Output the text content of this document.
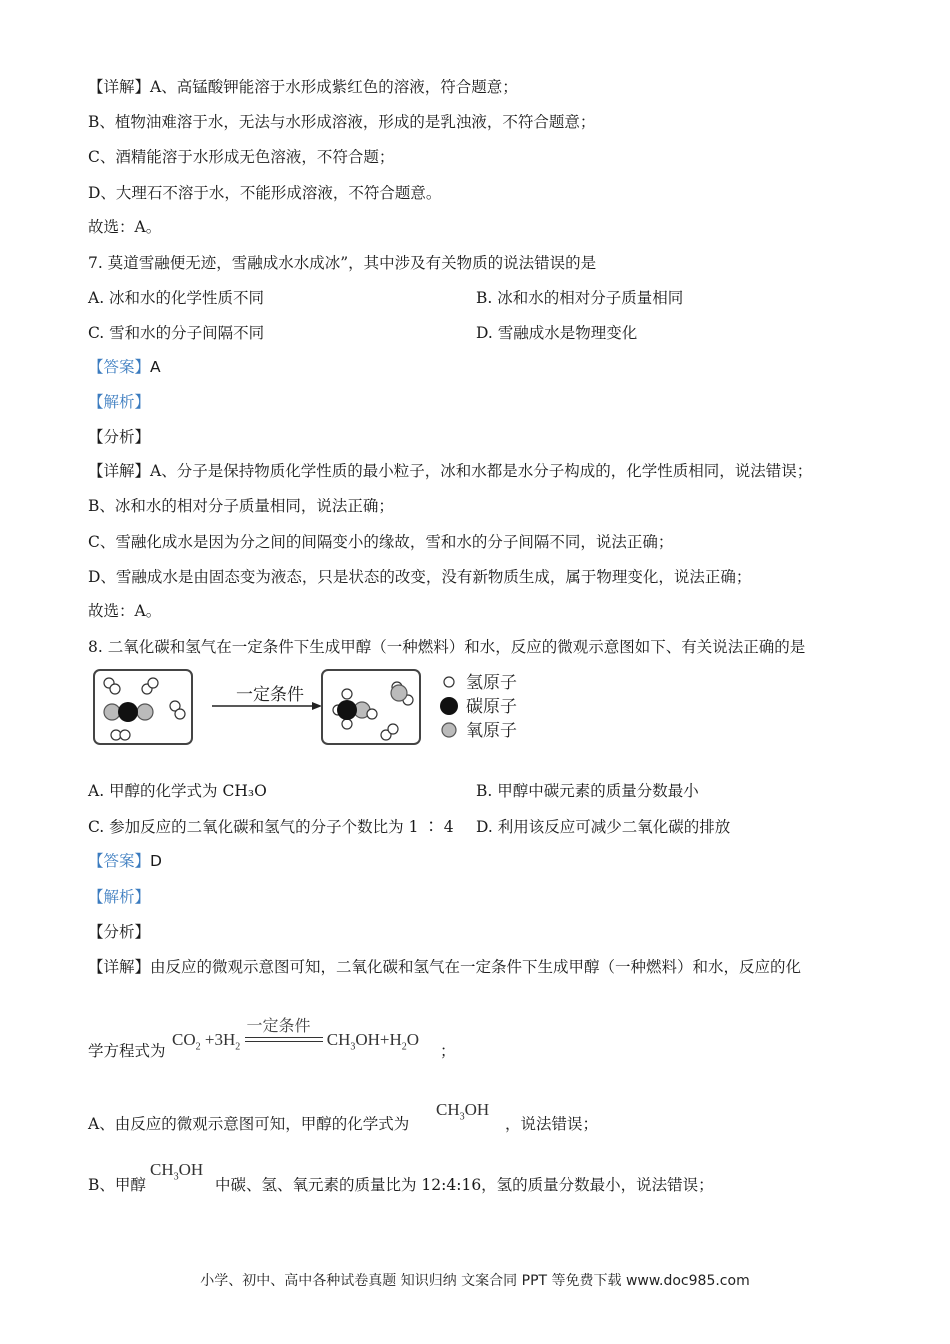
【详解】A、高锰酸钾能溶于水形成紫红色的溶液，符合题意；
B、植物油难溶于水，无法与水形成溶液，形成的是乳浊液，不符合题意；
C、酒精能溶于水形成无色溶液，不符合题；
D、大理石不溶于水，不能形成溶液，不符合题意。
故选：A。
7. 莫道雪融便无迹，雪融成水水成冰”，其中涉及有关物质的说法错误的是
A. 冰和水的化学性质不同	B. 冰和水的相对分子质量相同
C. 雪和水的分子间隔不同	D. 雪融成水是物理变化
【答案】A
【解析】
【分析】
【详解】A、分子是保持物质化学性质的最小粒子，冰和水都是水分子构成的，化学性质相同，说法错误；
B、冰和水的相对分子质量相同，说法正确；
C、雪融化成水是因为分之间的间隔变小的缘故，雪和水的分子间隔不同，说法正确；
D、雪融成水是由固态变为液态，只是状态的改变，没有新物质生成，属于物理变化，说法正确；
故选：A。
8. 二氧化碳和氢气在一定条件下生成甲醇（一种燃料）和水，反应的微观示意图如下、有关说法正确的是
一定条件
氢原子
碳原子
氧原子
A. 甲醇的化学式为 CH₃O	B. 甲醇中碳元素的质量分数最小
C. 参加反应的二氧化碳和氢气的分子个数比为 1 ∶ 4 D. 利用该反应可减少二氧化碳的排放
【答案】D
【解析】
【分析】
【详解】由反应的微观示意图可知，二氧化碳和氢气在一定条件下生成甲醇（一种燃料）和水，反应的化
学方程式为
$CO_2 +3H_2$
一定条件
$CH_3OH+H_2O$
；
A、由反应的微观示意图可知，甲醇的化学式为
$CH_3OH$
，说法错误；
B、甲醇
$CH_3OH$
中碳、氢、氧元素的质量比为 12:4:16，氢的质量分数最小，说法错误；
小学、初中、高中各种试卷真题 知识归纳 文案合同 PPT 等免费下载 www.doc985.com
